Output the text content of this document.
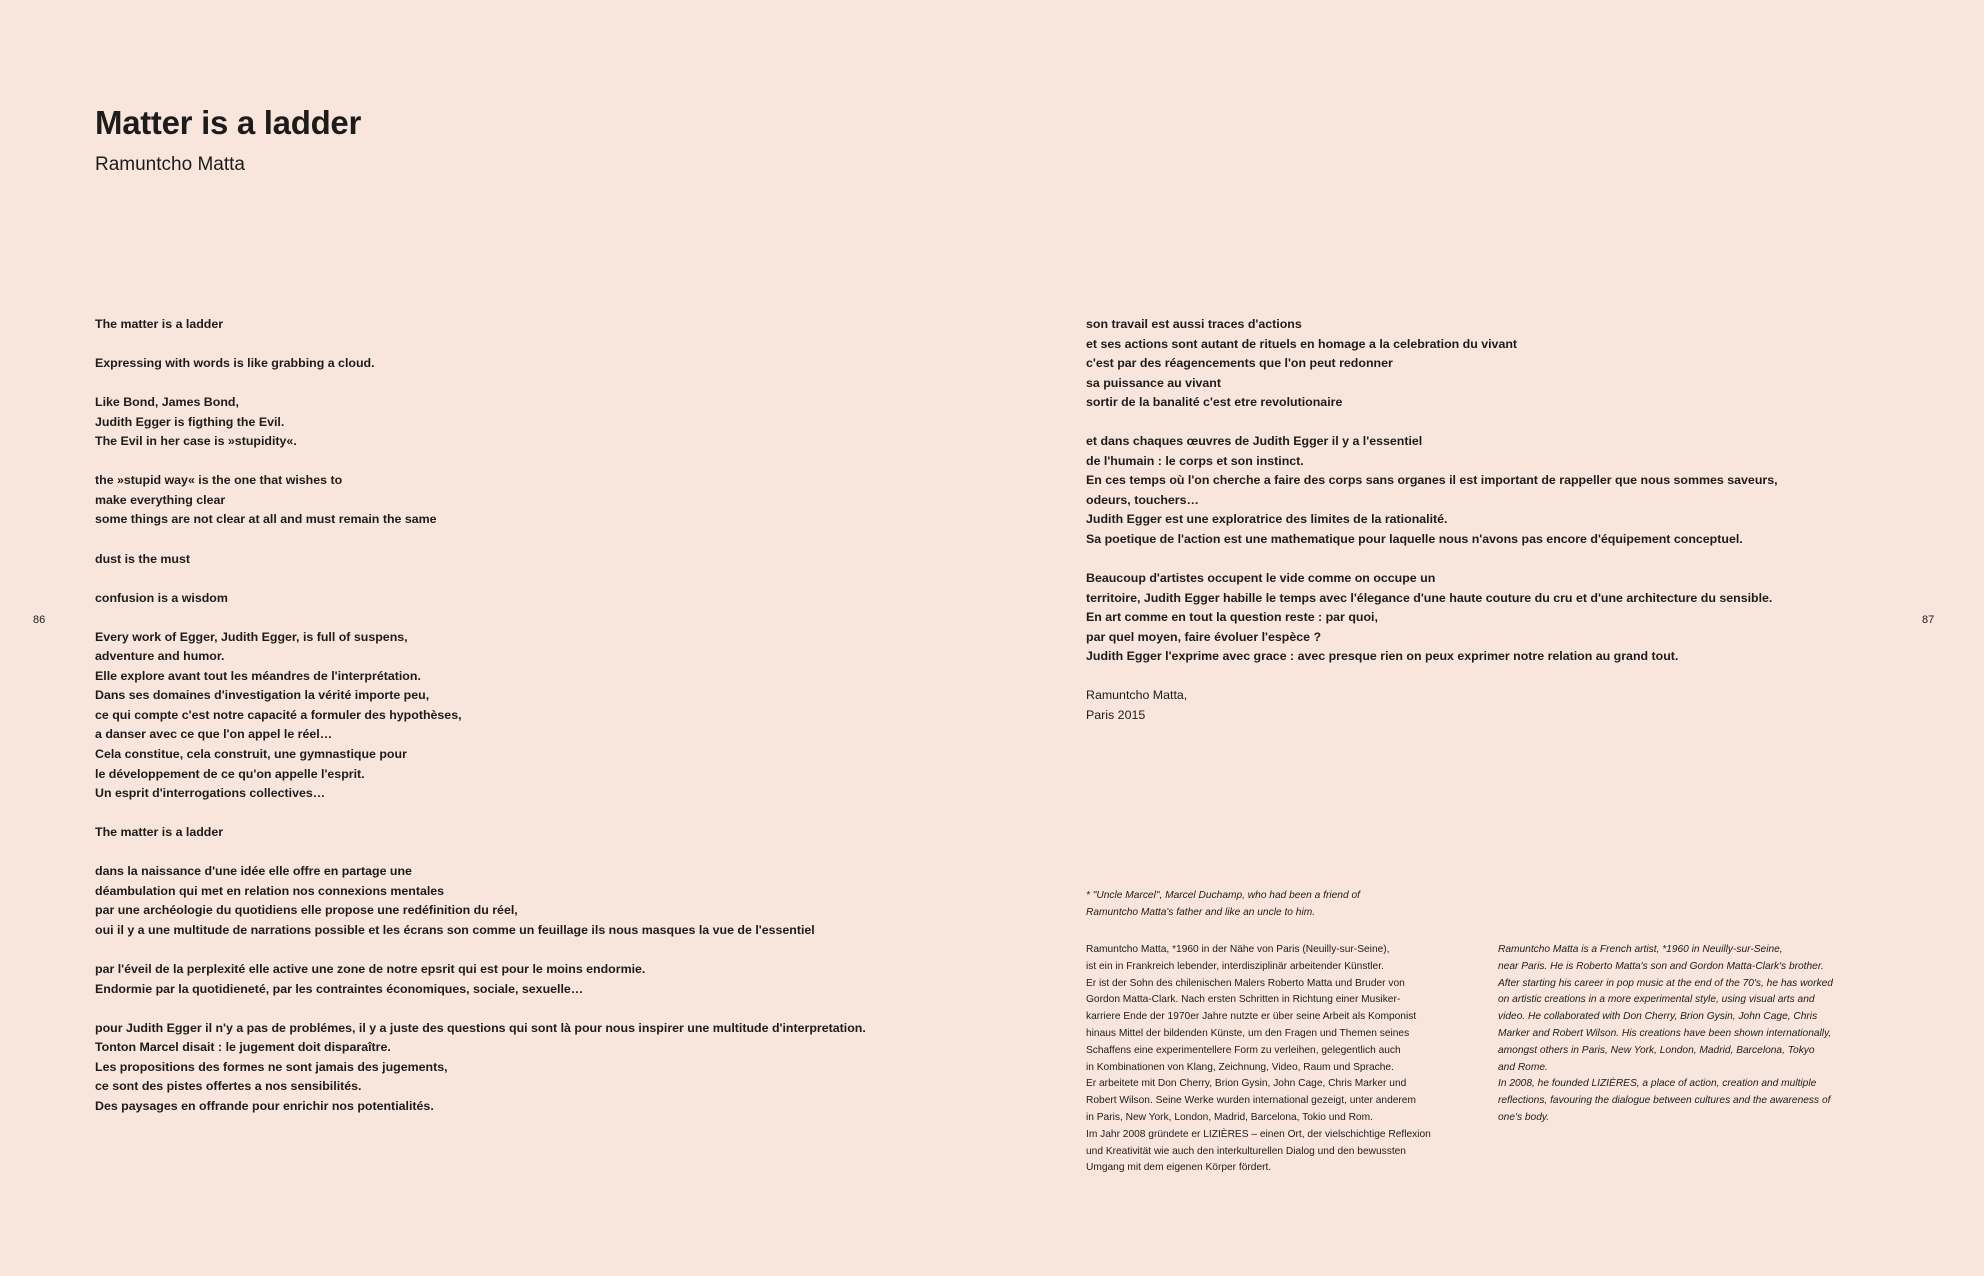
Matter is a ladder
Ramuntcho Matta
86	87
The matter is a ladder
Expressing with words is like grabbing a cloud.
Like Bond, James Bond,
Judith Egger is figthing the Evil.
The Evil in her case is »stupidity«.
the »stupid way« is the one that wishes to
make everything clear
some things are not clear at all and must remain the same
dust is the must
confusion is a wisdom
Every work of Egger, Judith Egger, is full of suspens,
adventure and humor.
Elle explore avant tout les méandres de l'interprétation.
Dans ses domaines d'investigation la vérité importe peu,
ce qui compte c'est notre capacité a formuler des hypothèses,
a danser avec ce que l'on appel le réel…
Cela constitue, cela construit, une gymnastique pour
le développement de ce qu'on appelle l'esprit.
Un esprit d'interrogations collectives…
The matter is a ladder
dans la naissance d'une idée elle offre en partage une
déambulation qui met en relation nos connexions mentales
par une archéologie du quotidiens elle propose une redéfinition du réel,
oui il y a une multitude de narrations possible et les écrans son comme un feuillage ils nous masques la vue de l'essentiel
par l'éveil de la perplexité elle active une zone de notre epsrit qui est pour le moins endormie.
Endormie par la quotidieneté, par les contraintes économiques, sociale, sexuelle…
pour Judith Egger il n'y a pas de problémes, il y a juste des questions qui sont là pour nous inspirer une multitude d'interpretation.
Tonton Marcel disait : le jugement doit disparaître.
Les propositions des formes ne sont jamais des jugements,
ce sont des pistes offertes a nos sensibilités.
Des paysages en offrande pour enrichir nos potentialités.
son travail est aussi traces d'actions
et ses actions sont autant de rituels en homage a la celebration du vivant
c'est par des réagencements que l'on peut redonner
sa puissance au vivant
sortir de la banalité c'est etre revolutionaire
et dans chaques œuvres de Judith Egger il y a l'essentiel
de l'humain : le corps et son instinct.
En ces temps où l'on cherche a faire des corps sans organes il est important de rappeller que nous sommes saveurs,
odeurs, touchers…
Judith Egger est une exploratrice des limites de la rationalité.
Sa poetique de l'action est une mathematique pour laquelle nous n'avons pas encore d'équipement conceptuel.
Beaucoup d'artistes occupent le vide comme on occupe un
territoire, Judith Egger habille le temps avec l'élegance d'une haute couture du cru et d'une architecture du sensible.
En art comme en tout la question reste : par quoi,
par quel moyen, faire évoluer l'espèce ?
Judith Egger l'exprime avec grace : avec presque rien on peux exprimer notre relation au grand tout.
Ramuntcho Matta,
Paris 2015
* "Uncle Marcel", Marcel Duchamp, who had been a friend of
Ramuntcho Matta's father and like an uncle to him.
Ramuntcho Matta, *1960 in der Nähe von Paris (Neuilly-sur-Seine),
ist ein in Frankreich lebender, interdisziplinär arbeitender Künstler.
Er ist der Sohn des chilenischen Malers Roberto Matta und Bruder von
Gordon Matta-Clark. Nach ersten Schritten in Richtung einer Musiker-
karriere Ende der 1970er Jahre nutzte er über seine Arbeit als Komponist
hinaus Mittel der bildenden Künste, um den Fragen und Themen seines
Schaffens eine experimentellere Form zu verleihen, gelegentlich auch
in Kombinationen von Klang, Zeichnung, Video, Raum und Sprache.
Er arbeitete mit Don Cherry, Brion Gysin, John Cage, Chris Marker und
Robert Wilson. Seine Werke wurden international gezeigt, unter anderem
in Paris, New York, London, Madrid, Barcelona, Tokio und Rom.
Im Jahr 2008 gründete er LIZIÈRES – einen Ort, der vielschichtige Reflexion
und Kreativität wie auch den interkulturellen Dialog und den bewussten
Umgang mit dem eigenen Körper fördert.
Ramuntcho Matta is a French artist, *1960 in Neuilly-sur-Seine,
near Paris. He is Roberto Matta's son and Gordon Matta-Clark's brother.
After starting his career in pop music at the end of the 70's, he has worked
on artistic creations in a more experimental style, using visual arts and
video. He collaborated with Don Cherry, Brion Gysin, John Cage, Chris
Marker and Robert Wilson. His creations have been shown internationally,
amongst others in Paris, New York, London, Madrid, Barcelona, Tokyo
and Rome.
In 2008, he founded LIZIÈRES, a place of action, creation and multiple
reflections, favouring the dialogue between cultures and the awareness of
one's body.
